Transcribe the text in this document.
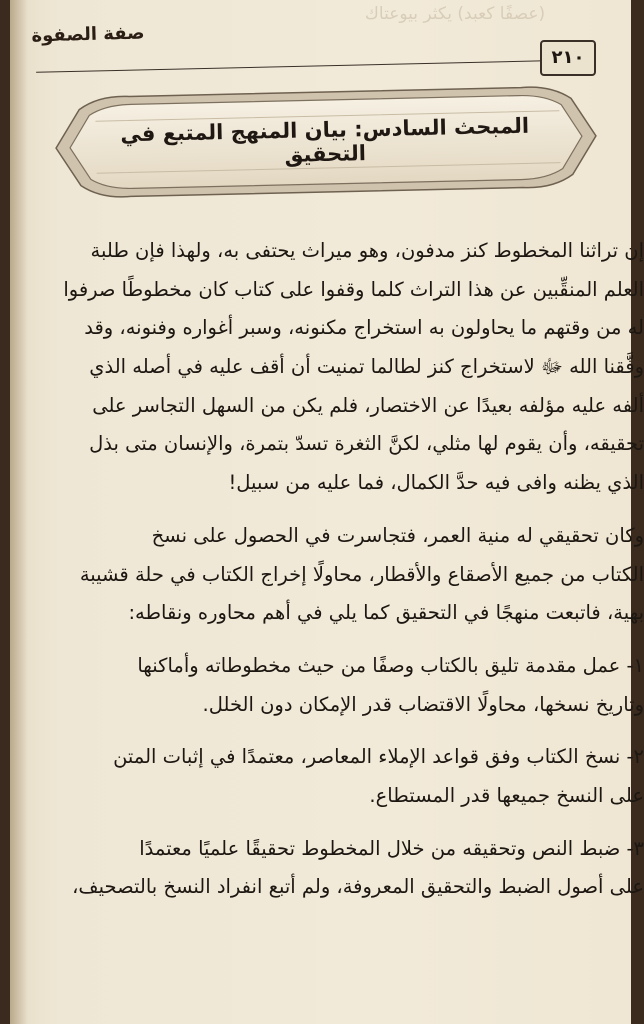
(عصفًا كعبد) يكثر بيوعتاك
صفة الصفوة
٢١٠
المبحث السادس: بيان المنهج المتبع في التحقيق

إن تراثنا المخطوط كنز مدفون، وهو ميراث يحتفى به، ولهذا فإن طلبة
العلم المنقِّبين عن هذا التراث كلما وقفوا على كتاب كان مخطوطًا صرفوا
له من وقتهم ما يحاولون به استخراج مكنونه، وسبر أغواره وفنونه، وقد
وفَّقنا الله ﷻ لاستخراج كنز لطالما تمنيت أن أقف عليه في أصله الذي
ألفه عليه مؤلفه بعيدًا عن الاختصار، فلم يكن من السهل التجاسر على
تحقيقه، وأن يقوم لها مثلي، لكنَّ الثغرة تسدّ بتمرة، والإنسان متى بذل
الذي يظنه وافى فيه حدَّ الكمال، فما عليه من سبيل!

وكان تحقيقي له منية العمر، فتجاسرت في الحصول على نسخ
الكتاب من جميع الأصقاع والأقطار، محاولًا إخراج الكتاب في حلة قشيبة
بهية، فاتبعت منهجًا في التحقيق كما يلي في أهم محاوره ونقاطه:

١- عمل مقدمة تليق بالكتاب وصفًا من حيث مخطوطاته وأماكنها
وتاريخ نسخها، محاولًا الاقتضاب قدر الإمكان دون الخلل.

٢- نسخ الكتاب وفق قواعد الإملاء المعاصر، معتمدًا في إثبات المتن
على النسخ جميعها قدر المستطاع.

٣- ضبط النص وتحقيقه من خلال المخطوط تحقيقًا علميًا معتمدًا
على أصول الضبط والتحقيق المعروفة، ولم أتبع انفراد النسخ بالتصحيف،
